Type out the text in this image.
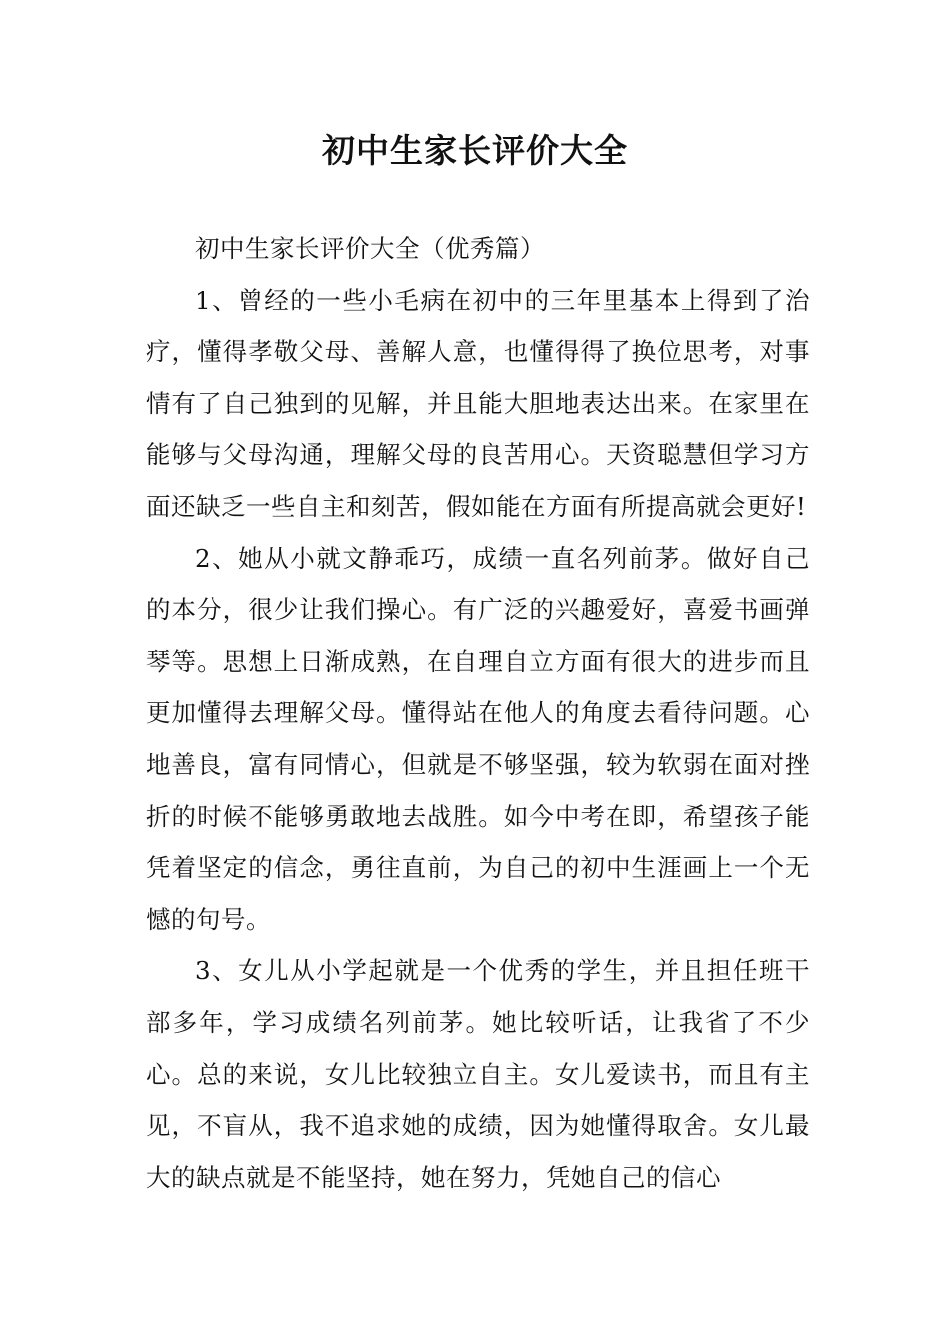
初中生家长评价大全

初中生家长评价大全（优秀篇）

1、曾经的一些小毛病在初中的三年里基本上得到了治疗，懂得孝敬父母、善解人意，也懂得得了换位思考，对事情有了自己独到的见解，并且能大胆地表达出来。在家里在能够与父母沟通，理解父母的良苦用心。天资聪慧但学习方面还缺乏一些自主和刻苦，假如能在方面有所提高就会更好!

2、她从小就文静乖巧，成绩一直名列前茅。做好自己的本分，很少让我们操心。有广泛的兴趣爱好，喜爱书画弹琴等。思想上日渐成熟，在自理自立方面有很大的进步而且更加懂得去理解父母。懂得站在他人的角度去看待问题。心地善良，富有同情心，但就是不够坚强，较为软弱在面对挫折的时候不能够勇敢地去战胜。如今中考在即，希望孩子能凭着坚定的信念，勇往直前，为自己的初中生涯画上一个无憾的句号。

3、女儿从小学起就是一个优秀的学生，并且担任班干部多年，学习成绩名列前茅。她比较听话，让我省了不少心。总的来说，女儿比较独立自主。女儿爱读书，而且有主见，不盲从，我不追求她的成绩，因为她懂得取舍。女儿最大的缺点就是不能坚持，她在努力，凭她自己的信心
